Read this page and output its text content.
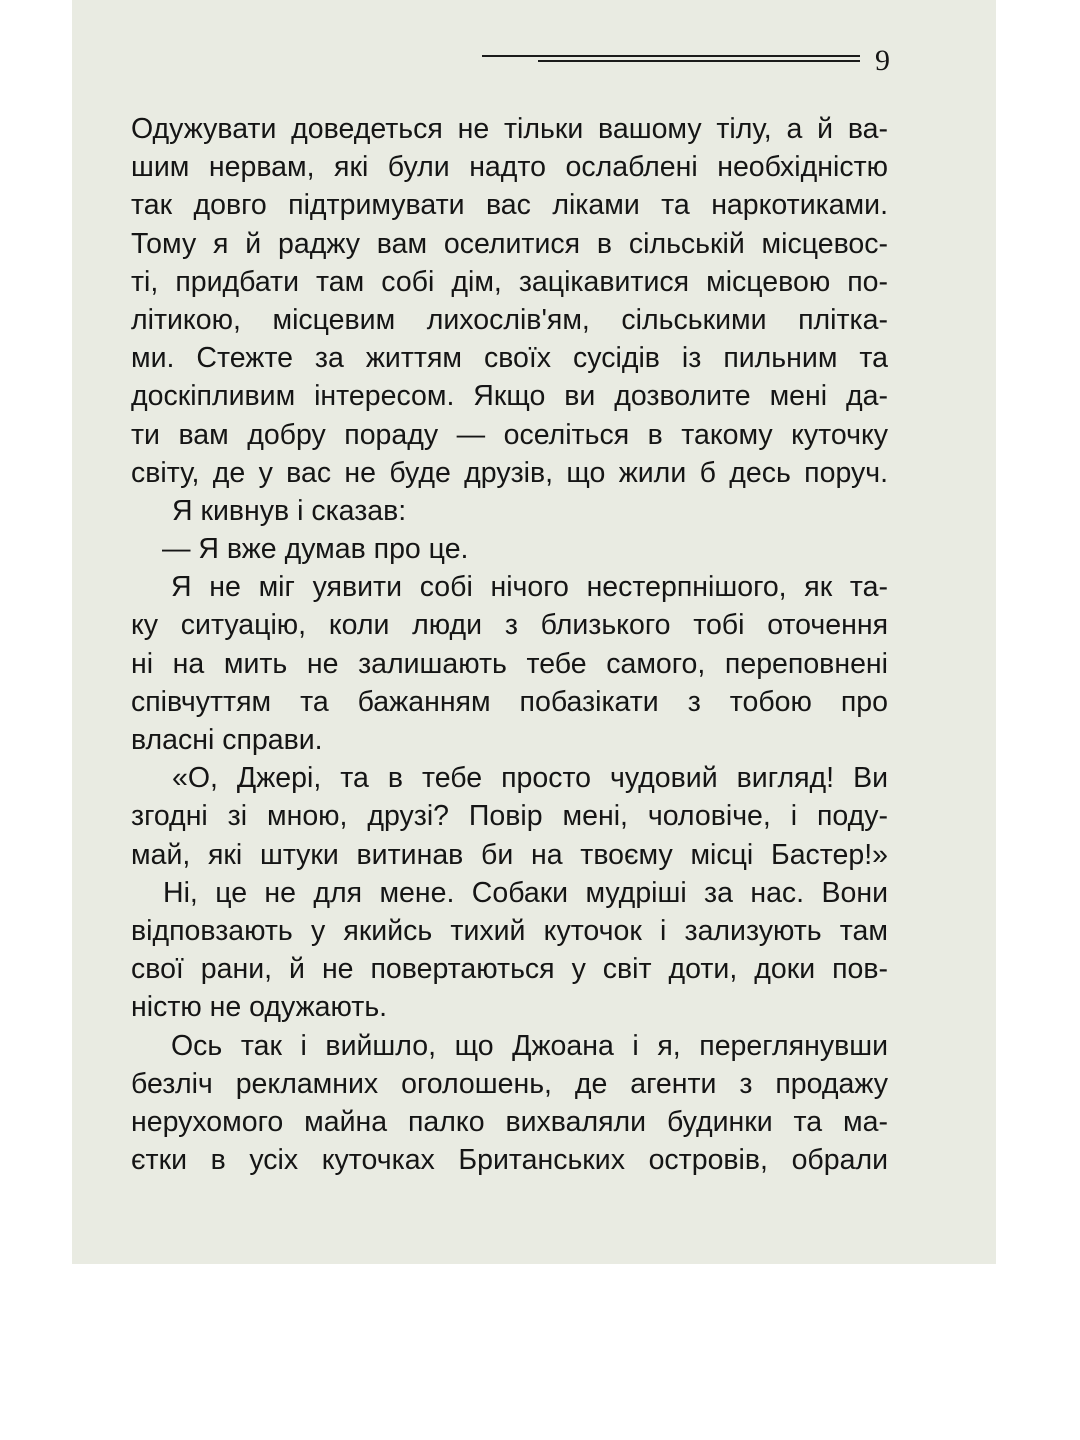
9
Одужувати доведеться не тільки вашому тілу, а й ва-
шим нервам, які були надто ослаблені необхідністю
так довго підтримувати вас ліками та наркотиками.
Тому я й раджу вам оселитися в сільській місцевос-
ті, придбати там собі дім, зацікавитися місцевою по-
літикою, місцевим лихослів'ям, сільськими плітка-
ми. Стежте за життям своїх сусідів із пильним та
доскіпливим інтересом. Якщо ви дозволите мені да-
ти вам добру пораду — оселіться в такому куточку
світу, де у вас не буде друзів, що жили б десь поруч.
Я кивнув і сказав:
— Я вже думав про це.
Я не міг уявити собі нічого нестерпнішого, як та-
ку ситуацію, коли люди з близького тобі оточення
ні на мить не залишають тебе самого, переповнені
співчуттям та бажанням побазікати з тобою про
власні справи.
«О, Джері, та в тебе просто чудовий вигляд! Ви
згодні зі мною, друзі? Повір мені, чоловіче, і поду-
май, які штуки витинав би на твоєму місці Бастер!»
Ні, це не для мене. Собаки мудріші за нас. Вони
відповзають у якийсь тихий куточок і зализують там
свої рани, й не повертаються у світ доти, доки пов-
ністю не одужають.
Ось так і вийшло, що Джоана і я, переглянувши
безліч рекламних оголошень, де агенти з продажу
нерухомого майна палко вихваляли будинки та ма-
єтки в усіх куточках Британських островів, обрали
